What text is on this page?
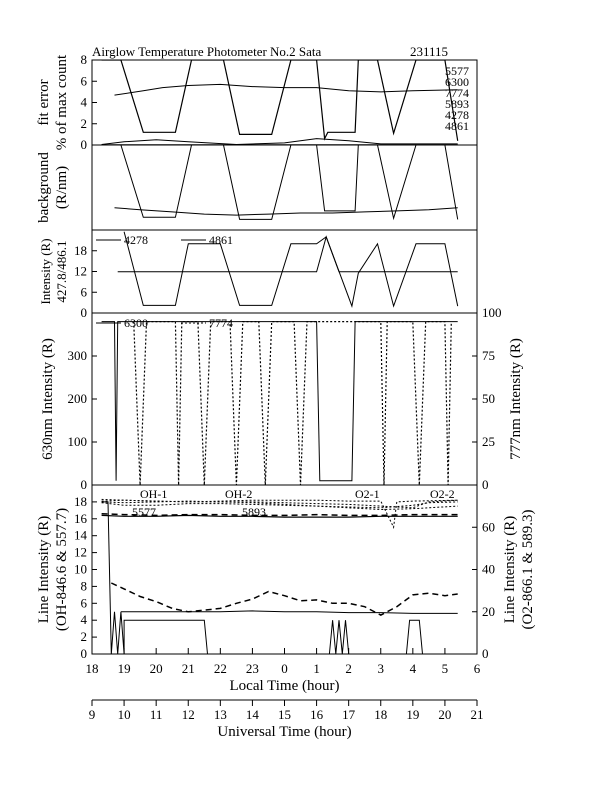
Airglow Temperature Photometer No.2 Sata	231115
0
2
4
6
8
fit error % of max count	5577
6300
7774
5893
4278
4861
background (R/nm)
0
6
12
18
Intensity (R) 427.8/486.1
4278	4861
0
100
200
300
0
25
50
75
100
630nm Intensity (R)	777nm Intensity (R)
6300	7774
0
2
4
6
8
10
12
14
16
18
0
20
40
60
Line Intensity (R) (OH-846.6 & 557.7)	Line Intensity (R) (O2-866.1 & 589.3)
OH-1	OH-2	O2-1	O2-2
5577	5893
18 19 20 21 22 23 0 1 2 3 4 5 6
Local Time (hour)
9 10 11 12 13 14 15 16 17 18 19 20 21
Universal Time (hour)
